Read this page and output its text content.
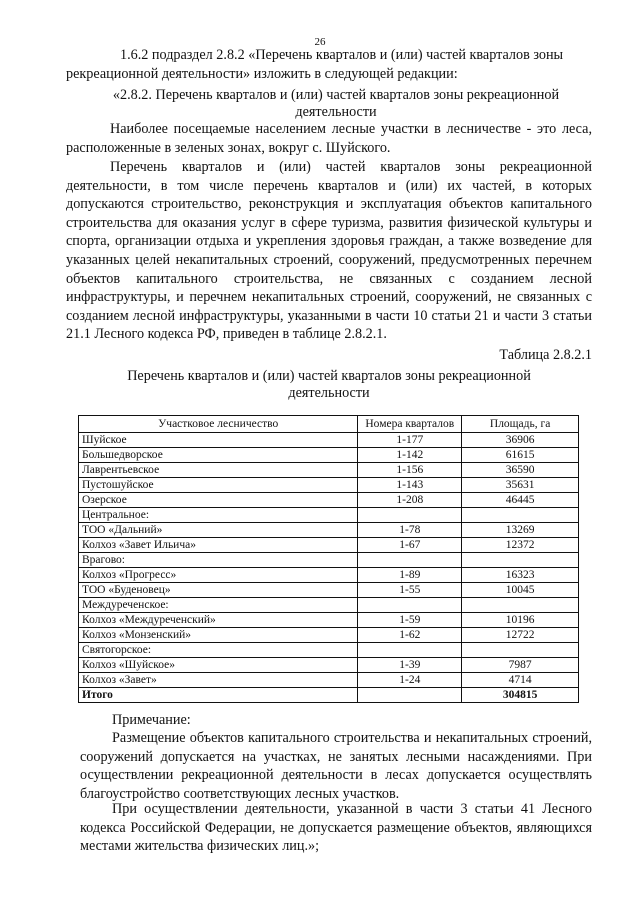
26

1.6.2 подраздел 2.8.2 «Перечень кварталов и (или) частей кварталов зоны

рекреационной деятельности» изложить в следующей редакции:

«2.8.2. Перечень кварталов и (или) частей кварталов зоны рекреационной

деятельности

Наиболее посещаемые населением лесные участки в лесничестве - это леса, расположенные в зеленых зонах, вокруг с. Шуйского.

Перечень кварталов и (или) частей кварталов зоны рекреационной деятельности, в том числе перечень кварталов и (или) их частей, в которых допускаются строительство, реконструкция и эксплуатация объектов капитального строительства для оказания услуг в сфере туризма, развития физической культуры и спорта, организации отдыха и укрепления здоровья граждан, а также возведение для указанных целей некапитальных строений, сооружений, предусмотренных перечнем объектов капитального строительства, не связанных с созданием лесной инфраструктуры, и перечнем некапитальных строений, сооружений, не связанных с созданием лесной инфраструктуры, указанными в части 10 статьи 21 и части 3 статьи 21.1 Лесного кодекса РФ, приведен в таблице 2.8.2.1.

Таблица 2.8.2.1

Перечень кварталов и (или) частей кварталов зоны рекреационной

деятельности

Участковое лесничество	Номера кварталов	Площадь, га
Шуйское	1-177	36906
Большедворское	1-142	61615
Лаврентьевское	1-156	36590
Пустошуйское	1-143	35631
Озерское	1-208	46445
Центральное:		
ТОО «Дальний»	1-78	13269
Колхоз «Завет Ильича»	1-67	12372
Врагово:		
Колхоз «Прогресс»	1-89	16323
ТОО «Буденовец»	1-55	10045
Междуреченское:		
Колхоз «Междуреченский»	1-59	10196
Колхоз «Монзенский»	1-62	12722
Святогорское:		
Колхоз «Шуйское»	1-39	7987
Колхоз «Завет»	1-24	4714
Итого		304815

Примечание:

Размещение объектов капитального строительства и некапитальных строений, сооружений допускается на участках, не занятых лесными насаждениями. При осуществлении рекреационной деятельности в лесах допускается осуществлять благоустройство соответствующих лесных участков.

При осуществлении деятельности, указанной в части 3 статьи 41 Лесного кодекса Российской Федерации, не допускается размещение объектов, являющихся местами жительства физических лиц.»;
